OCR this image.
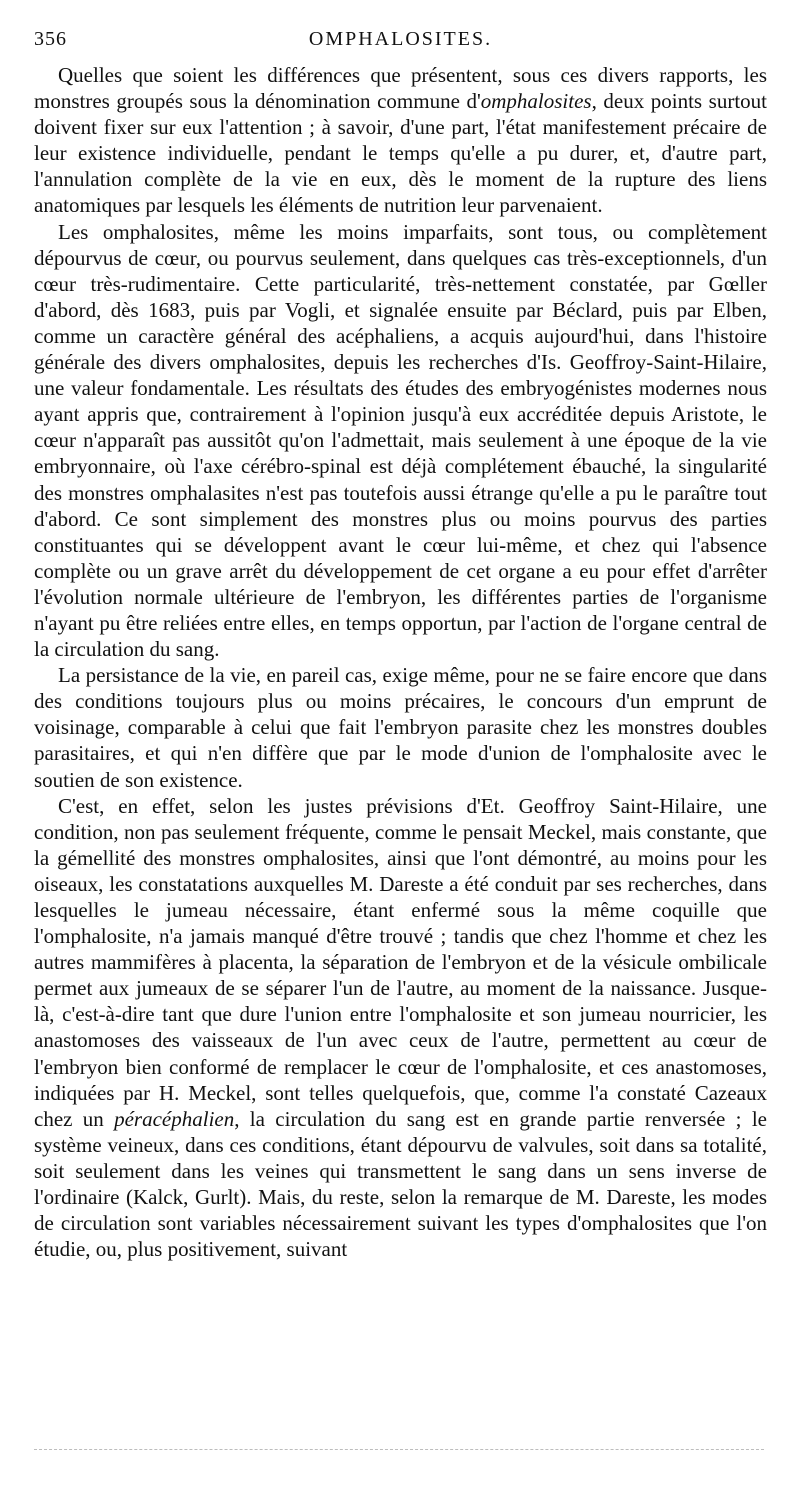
356	OMPHALOSITES.

Quelles que soient les différences que présentent, sous ces divers rapports, les monstres groupés sous la dénomination commune d'omphalosites, deux points surtout doivent fixer sur eux l'attention ; à savoir, d'une part, l'état manifestement précaire de leur existence individuelle, pendant le temps qu'elle a pu durer, et, d'autre part, l'annulation complète de la vie en eux, dès le moment de la rupture des liens anatomiques par lesquels les éléments de nutrition leur parvenaient.

Les omphalosites, même les moins imparfaits, sont tous, ou complètement dépourvus de cœur, ou pourvus seulement, dans quelques cas très-exceptionnels, d'un cœur très-rudimentaire. Cette particularité, très-nettement constatée, par Gœller d'abord, dès 1683, puis par Vogli, et signalée ensuite par Béclard, puis par Elben, comme un caractère général des acéphaliens, a acquis aujourd'hui, dans l'histoire générale des divers omphalosites, depuis les recherches d'Is. Geoffroy-Saint-Hilaire, une valeur fondamentale. Les résultats des études des embryogénistes modernes nous ayant appris que, contrairement à l'opinion jusqu'à eux accréditée depuis Aristote, le cœur n'apparaît pas aussitôt qu'on l'admettait, mais seulement à une époque de la vie embryonnaire, où l'axe cérébro-spinal est déjà complétement ébauché, la singularité des monstres omphalasites n'est pas toutefois aussi étrange qu'elle a pu le paraître tout d'abord. Ce sont simplement des monstres plus ou moins pourvus des parties constituantes qui se développent avant le cœur lui-même, et chez qui l'absence complète ou un grave arrêt du développement de cet organe a eu pour effet d'arrêter l'évolution normale ultérieure de l'embryon, les différentes parties de l'organisme n'ayant pu être reliées entre elles, en temps opportun, par l'action de l'organe central de la circulation du sang.

La persistance de la vie, en pareil cas, exige même, pour ne se faire encore que dans des conditions toujours plus ou moins précaires, le concours d'un emprunt de voisinage, comparable à celui que fait l'embryon parasite chez les monstres doubles parasitaires, et qui n'en diffère que par le mode d'union de l'omphalosite avec le soutien de son existence.

C'est, en effet, selon les justes prévisions d'Et. Geoffroy Saint-Hilaire, une condition, non pas seulement fréquente, comme le pensait Meckel, mais constante, que la gémellité des monstres omphalosites, ainsi que l'ont démontré, au moins pour les oiseaux, les constatations auxquelles M. Dareste a été conduit par ses recherches, dans lesquelles le jumeau nécessaire, étant enfermé sous la même coquille que l'omphalosite, n'a jamais manqué d'être trouvé ; tandis que chez l'homme et chez les autres mammifères à placenta, la séparation de l'embryon et de la vésicule ombilicale permet aux jumeaux de se séparer l'un de l'autre, au moment de la naissance. Jusque-là, c'est-à-dire tant que dure l'union entre l'omphalosite et son jumeau nourricier, les anastomoses des vaisseaux de l'un avec ceux de l'autre, permettent au cœur de l'embryon bien conformé de remplacer le cœur de l'omphalosite, et ces anastomoses, indiquées par H. Meckel, sont telles quelquefois, que, comme l'a constaté Cazeaux chez un péracéphalien, la circulation du sang est en grande partie renversée ; le système veineux, dans ces conditions, étant dépourvu de valvules, soit dans sa totalité, soit seulement dans les veines qui transmettent le sang dans un sens inverse de l'ordinaire (Kalck, Gurlt). Mais, du reste, selon la remarque de M. Dareste, les modes de circulation sont variables nécessairement suivant les types d'omphalosites que l'on étudie, ou, plus positivement, suivant
